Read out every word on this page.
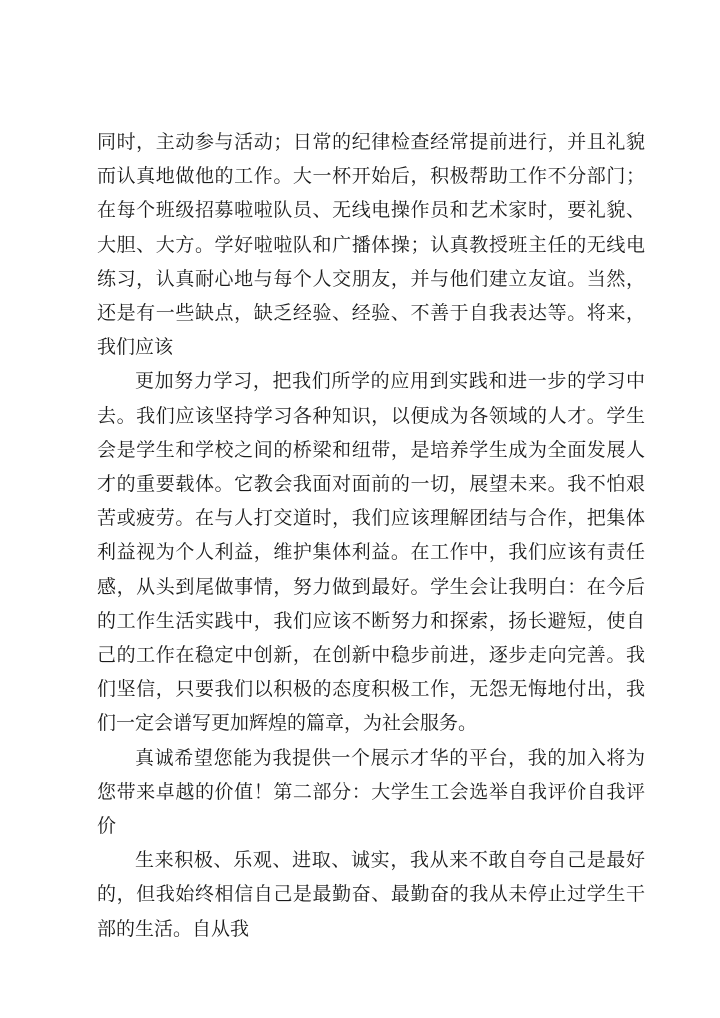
同时，主动参与活动；日常的纪律检查经常提前进行，并且礼貌而认真地做他的工作。大一杯开始后，积极帮助工作不分部门；在每个班级招募啦啦队员、无线电操作员和艺术家时，要礼貌、大胆、大方。学好啦啦队和广播体操；认真教授班主任的无线电练习，认真耐心地与每个人交朋友，并与他们建立友谊。当然，还是有一些缺点，缺乏经验、经验、不善于自我表达等。将来，我们应该

更加努力学习，把我们所学的应用到实践和进一步的学习中去。我们应该坚持学习各种知识，以便成为各领域的人才。学生会是学生和学校之间的桥梁和纽带，是培养学生成为全面发展人才的重要载体。它教会我面对面前的一切，展望未来。我不怕艰苦或疲劳。在与人打交道时，我们应该理解团结与合作，把集体利益视为个人利益，维护集体利益。在工作中，我们应该有责任感，从头到尾做事情，努力做到最好。学生会让我明白：在今后的工作生活实践中，我们应该不断努力和探索，扬长避短，使自己的工作在稳定中创新，在创新中稳步前进，逐步走向完善。我们坚信，只要我们以积极的态度积极工作，无怨无悔地付出，我们一定会谱写更加辉煌的篇章，为社会服务。

真诚希望您能为我提供一个展示才华的平台，我的加入将为您带来卓越的价值！第二部分：大学生工会选举自我评价自我评价

生来积极、乐观、进取、诚实，我从来不敢自夸自己是最好的，但我始终相信自己是最勤奋、最勤奋的我从未停止过学生干部的生活。自从我
